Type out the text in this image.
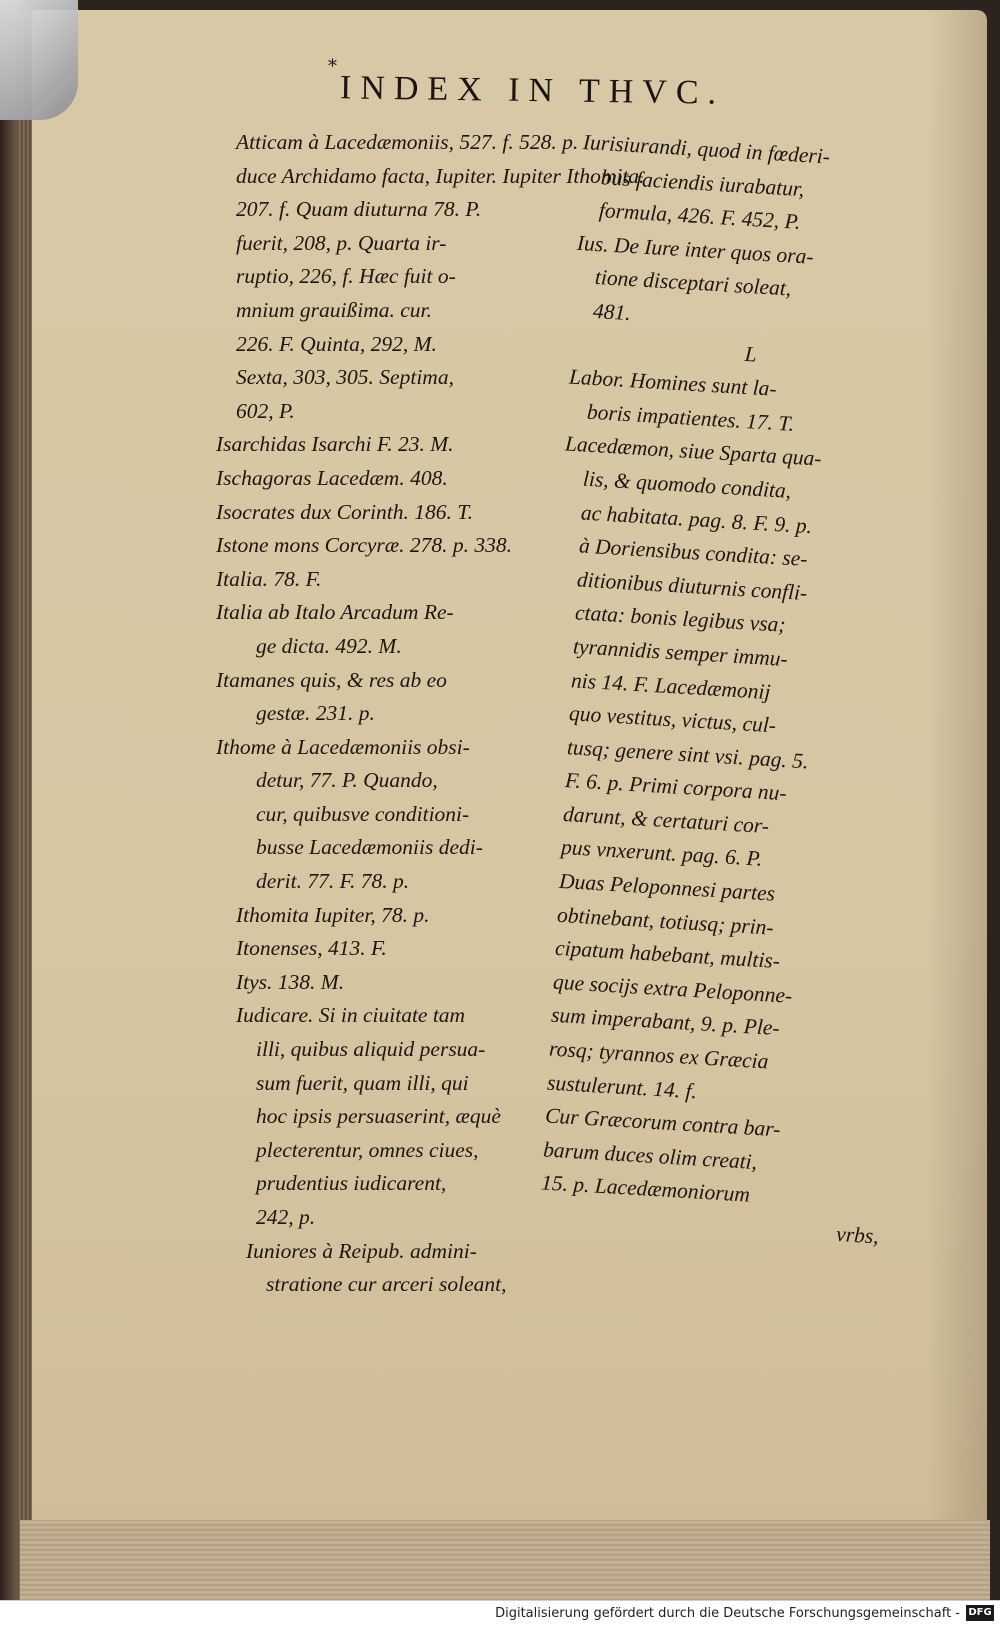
*
INDEX IN THVC.
Atticam à Lacedæmoniis, 527. f. 528. p.
duce Archidamo facta, Iupiter. Iupiter Ithomita.
207. f. Quam diuturna 78. P.
fuerit, 208, p. Quarta ir-
ruptio, 226, f. Hæc fuit o-
mnium grauißima. cur.
226. F. Quinta, 292, M.
Sexta, 303, 305. Septima,
602, P.
Isarchidas Isarchi F. 23. M.
Ischagoras Lacedæm. 408.
Isocrates dux Corinth. 186. T.
Istone mons Corcyræ. 278. p. 338.
Italia. 78. F.
Italia ab Italo Arcadum Re-
ge dicta. 492. M.
Itamanes quis, & res ab eo
gestæ. 231. p.
Ithome à Lacedæmoniis obsi-
detur, 77. P. Quando,
cur, quibusve conditioni-
busse Lacedæmoniis dedi-
derit. 77. F. 78. p.
Ithomita Iupiter, 78. p.
Itonenses, 413. F.
Itys. 138. M.
Iudicare. Si in ciuitate tam
illi, quibus aliquid persua-
sum fuerit, quam illi, qui
hoc ipsis persuaserint, æquè
plecterentur, omnes ciues,
prudentius iudicarent,
242, p.
Iuniores à Reipub. admini-
stratione cur arceri soleant,
Iurisiurandi, quod in fœderi-
bus faciendis iurabatur,
formula, 426. F. 452, P.
Ius. De Iure inter quos ora-
tione disceptari soleat,
481.
L
Labor. Homines sunt la-
boris impatientes. 17. T.
Lacedæmon, siue Sparta qua-
lis, & quomodo condita,
ac habitata. pag. 8. F. 9. p.
à Doriensibus condita: se-
ditionibus diuturnis confli-
ctata: bonis legibus vsa;
tyrannidis semper immu-
nis 14. F. Lacedæmonij
quo vestitus, victus, cul-
tusq; genere sint vsi. pag. 5.
F. 6. p. Primi corpora nu-
darunt, & certaturi cor-
pus vnxerunt. pag. 6. P.
Duas Peloponnesi partes
obtinebant, totiusq; prin-
cipatum habebant, multis-
que socijs extra Peloponne-
sum imperabant, 9. p. Ple-
rosq; tyrannos ex Græcia
sustulerunt. 14. f.
Cur Græcorum contra bar-
barum duces olim creati,
15. p. Lacedæmoniorum
vrbs,
Digitalisierung gefördert durch die Deutsche Forschungsgemeinschaft - DFG
